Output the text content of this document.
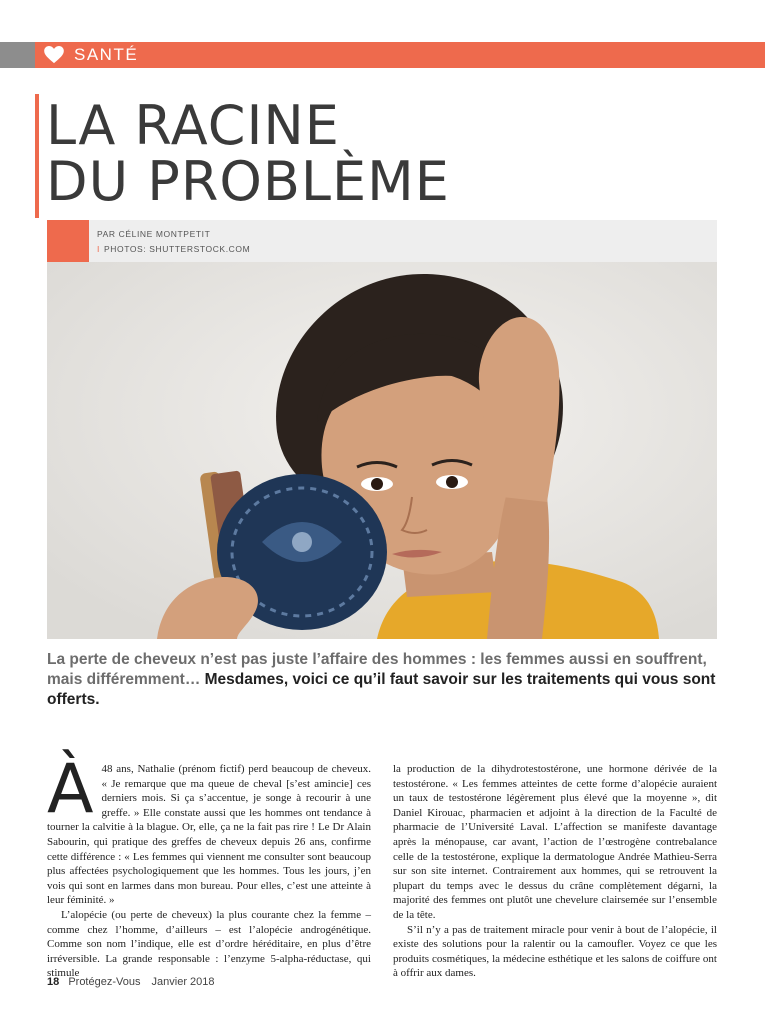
SANTÉ
LA RACINE
DU PROBLÈME
PAR CÉLINE MONTPETIT
I PHOTOS: SHUTTERSTOCK.COM

La perte de cheveux n’est pas juste l’affaire des hommes : les femmes aussi en souffrent, mais différemment… Mesdames, voici ce qu’il faut savoir sur les traitements qui vous sont offerts.

À 48 ans, Nathalie (prénom fictif) perd beaucoup de cheveux. « Je remarque que ma queue de cheval [s’est amincie] ces derniers mois. Si ça s’accentue, je songe à recourir à une greffe. » Elle constate aussi que les hommes ont tendance à tourner la calvitie à la blague. Or, elle, ça ne la fait pas rire ! Le Dr Alain Sabourin, qui pratique des greffes de cheveux depuis 26 ans, confirme cette différence : « Les femmes qui viennent me consulter sont beaucoup plus affectées psychologiquement que les hommes. Tous les jours, j’en vois qui sont en larmes dans mon bureau. Pour elles, c’est une atteinte à leur féminité. »

L’alopécie (ou perte de cheveux) la plus courante chez la femme – comme chez l’homme, d’ailleurs – est l’alopécie androgénétique. Comme son nom l’indique, elle est d’ordre héréditaire, en plus d’être irréversible. La grande responsable : l’enzyme 5-alpha-réductase, qui stimule

la production de la dihydrotestostérone, une hormone dérivée de la testostérone. « Les femmes atteintes de cette forme d’alopécie auraient un taux de testostérone légèrement plus élevé que la moyenne », dit Daniel Kirouac, pharmacien et adjoint à la direction de la Faculté de pharmacie de l’Université Laval. L’affection se manifeste davantage après la ménopause, car avant, l’action de l’œstrogène contrebalance celle de la testostérone, explique la dermatologue Andrée Mathieu-Serra sur son site internet. Contrairement aux hommes, qui se retrouvent la plupart du temps avec le dessus du crâne complètement dégarni, la majorité des femmes ont plutôt une chevelure clairsemée sur l’ensemble de la tête.

S’il n’y a pas de traitement miracle pour venir à bout de l’alopécie, il existe des solutions pour la ralentir ou la camoufler. Voyez ce que les produits cosmétiques, la médecine esthétique et les salons de coiffure ont à offrir aux dames.

18 Protégez-Vous Janvier 2018
